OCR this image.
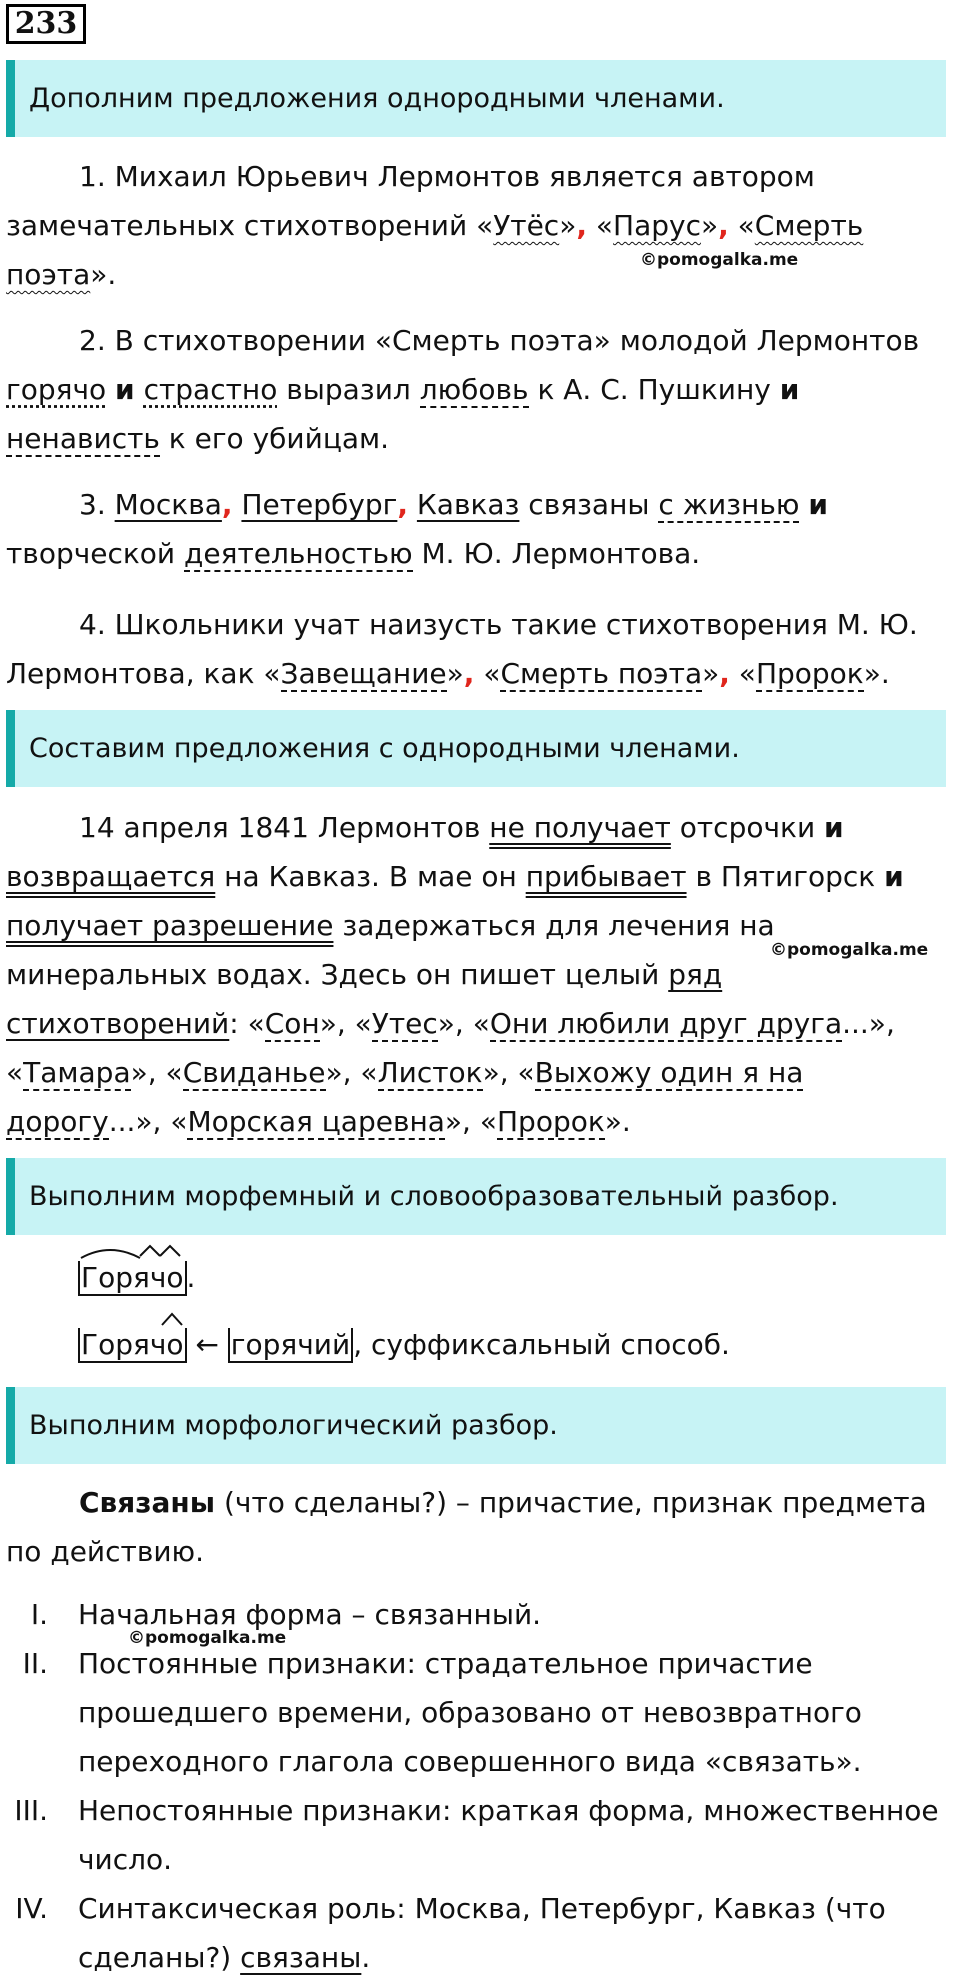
233
Дополним предложения однородными членами.

1. Михаил Юрьевич Лермонтов является автором замечательных стихотворений «Утёс», «Парус», «Смерть поэта».	©pomogalka.me

2. В стихотворении «Смерть поэта» молодой Лермонтов горячо и страстно выразил любовь к А. С. Пушкину и ненависть к его убийцам.

3. Москва, Петербург, Кавказ связаны с жизнью и творческой деятельностью М. Ю. Лермонтова.

4. Школьники учат наизусть такие стихотворения М. Ю. Лермонтова, как «Завещание», «Смерть поэта», «Пророк».

Составим предложения с однородными членами.

14 апреля 1841 Лермонтов не получает отсрочки и возвращается на Кавказ. В мае он прибывает в Пятигорск и получает разрешение задержаться для лечения на минеральных водах. Здесь он пишет целый ряд стихотворений: «Сон», «Утес», «Они любили друг друга...», «Тамара», «Свиданье», «Листок», «Выхожу один я на дорогу...», «Морская царевна», «Пророк».

©pomogalka.me
Выполним морфемный и словообразовательный разбор.
Горячо .
Горячо ← горячий , суффиксальный способ.
Выполним морфологический разбор.

Связаны (что сделаны?) – причастие, признак предмета по действию.

I. Начальная форма – связанный.
II. Постоянные признаки: страдательное причастие прошедшего времени, образовано от невозвратного переходного глагола совершенного вида «связать».
III. Непостоянные признаки: краткая форма, множественное число.
IV. Синтаксическая роль: Москва, Петербург, Кавказ (что сделаны?) связаны.
©pomogalka.me
